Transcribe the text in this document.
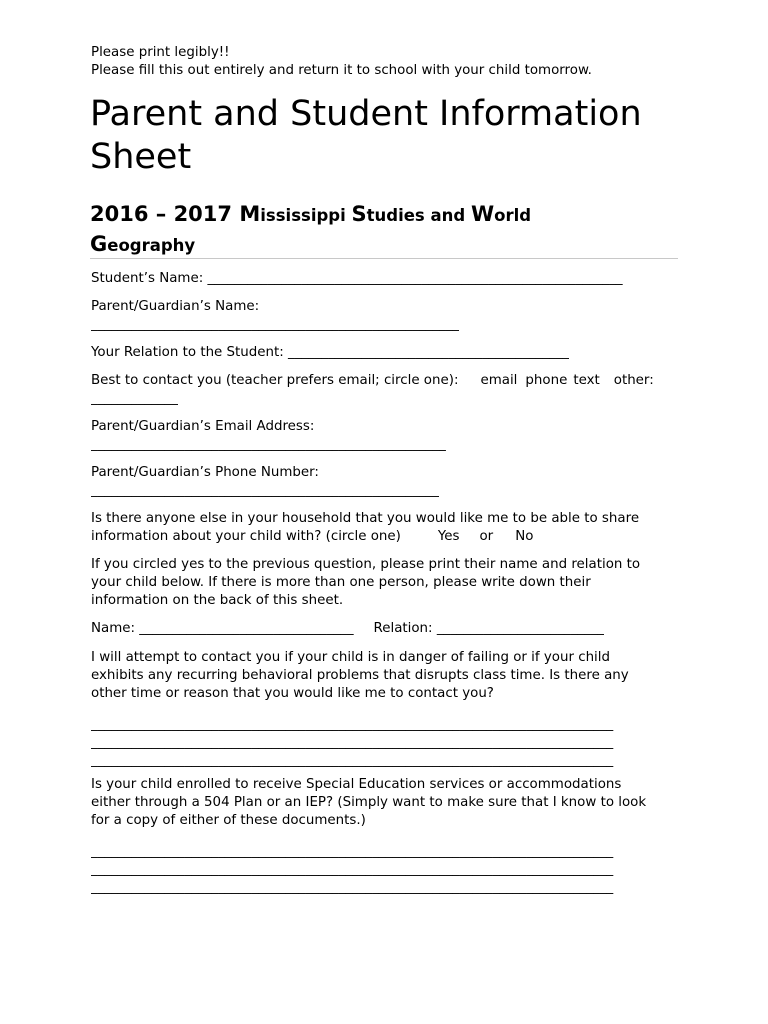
Please print legibly!!

Please fill this out entirely and return it to school with your child tomorrow.

Parent and Student Information
Sheet
2016 – 2017 Mississippi Studies and World
Geography
Student’s Name: ______________________________________________________________
Parent/Guardian’s Name:
_______________________________________________________
Your Relation to the Student: __________________________________________
Best to contact you (teacher prefers email; circle one): email phone text other:
_____________
Parent/Guardian’s Email Address:
_____________________________________________________
Parent/Guardian’s Phone Number:
____________________________________________________
Is there anyone else in your household that you would like me to be able to share
information about your child with? (circle one)	Yes or No
If you circled yes to the previous question, please print their name and relation to
your child below. If there is more than one person, please write down their
information on the back of this sheet.
Name: ________________________________ Relation: _________________________
I will attempt to contact you if your child is in danger of failing or if your child
exhibits any recurring behavioral problems that disrupts class time. Is there any
other time or reason that you would like me to contact you?
______________________________________________________________________________
______________________________________________________________________________
______________________________________________________________________________
Is your child enrolled to receive Special Education services or accommodations
either through a 504 Plan or an IEP? (Simply want to make sure that I know to look
for a copy of either of these documents.)
______________________________________________________________________________
______________________________________________________________________________
______________________________________________________________________________
